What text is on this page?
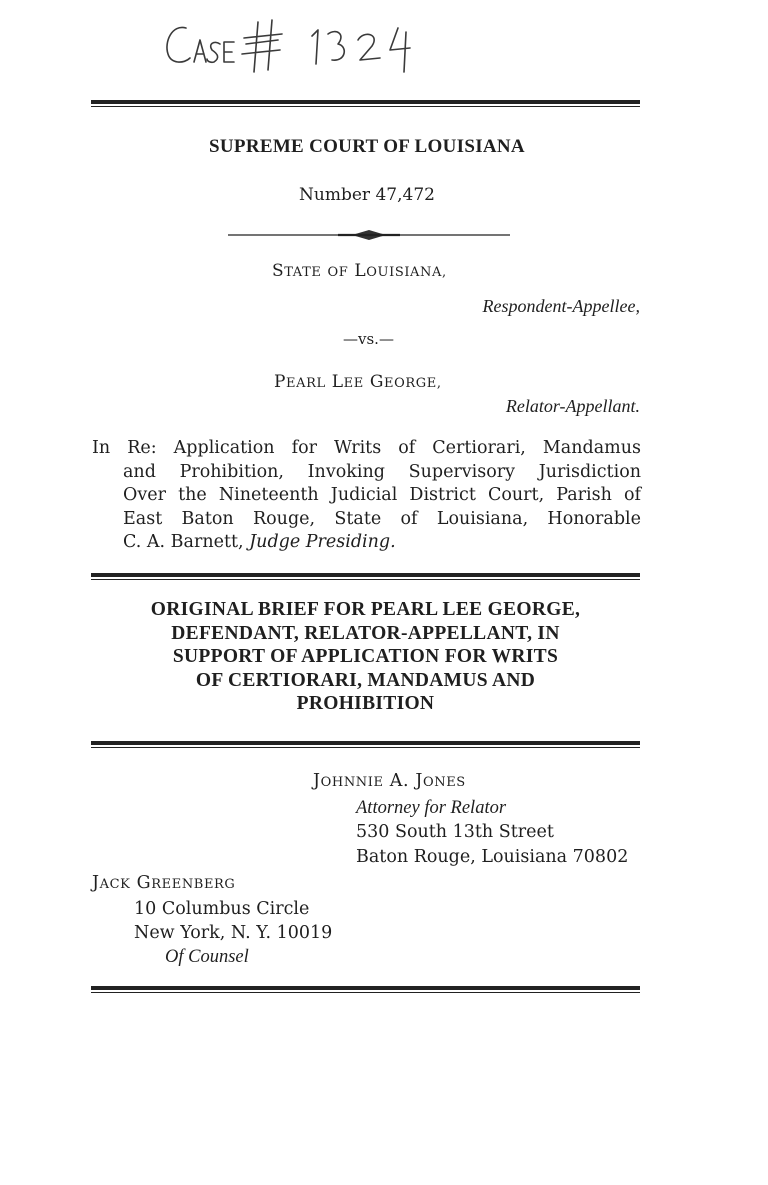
SUPREME COURT OF LOUISIANA
Number 47,472
STATE OF LOUISIANA,
Respondent-Appellee,
—vs.—
PEARL LEE GEORGE,
Relator-Appellant.
In Re: Application for Writs of Certiorari, Mandamus
and Prohibition, Invoking Supervisory Jurisdiction
Over the Nineteenth Judicial District Court, Parish of
East Baton Rouge, State of Louisiana, Honorable
C. A. Barnett, Judge Presiding.
ORIGINAL BRIEF FOR PEARL LEE GEORGE,
DEFENDANT, RELATOR-APPELLANT, IN
SUPPORT OF APPLICATION FOR WRITS
OF CERTIORARI, MANDAMUS AND
PROHIBITION
JOHNNIE A. JONES
Attorney for Relator
530 South 13th Street
Baton Rouge, Louisiana 70802
JACK GREENBERG
10 Columbus Circle
New York, N. Y. 10019
Of Counsel
